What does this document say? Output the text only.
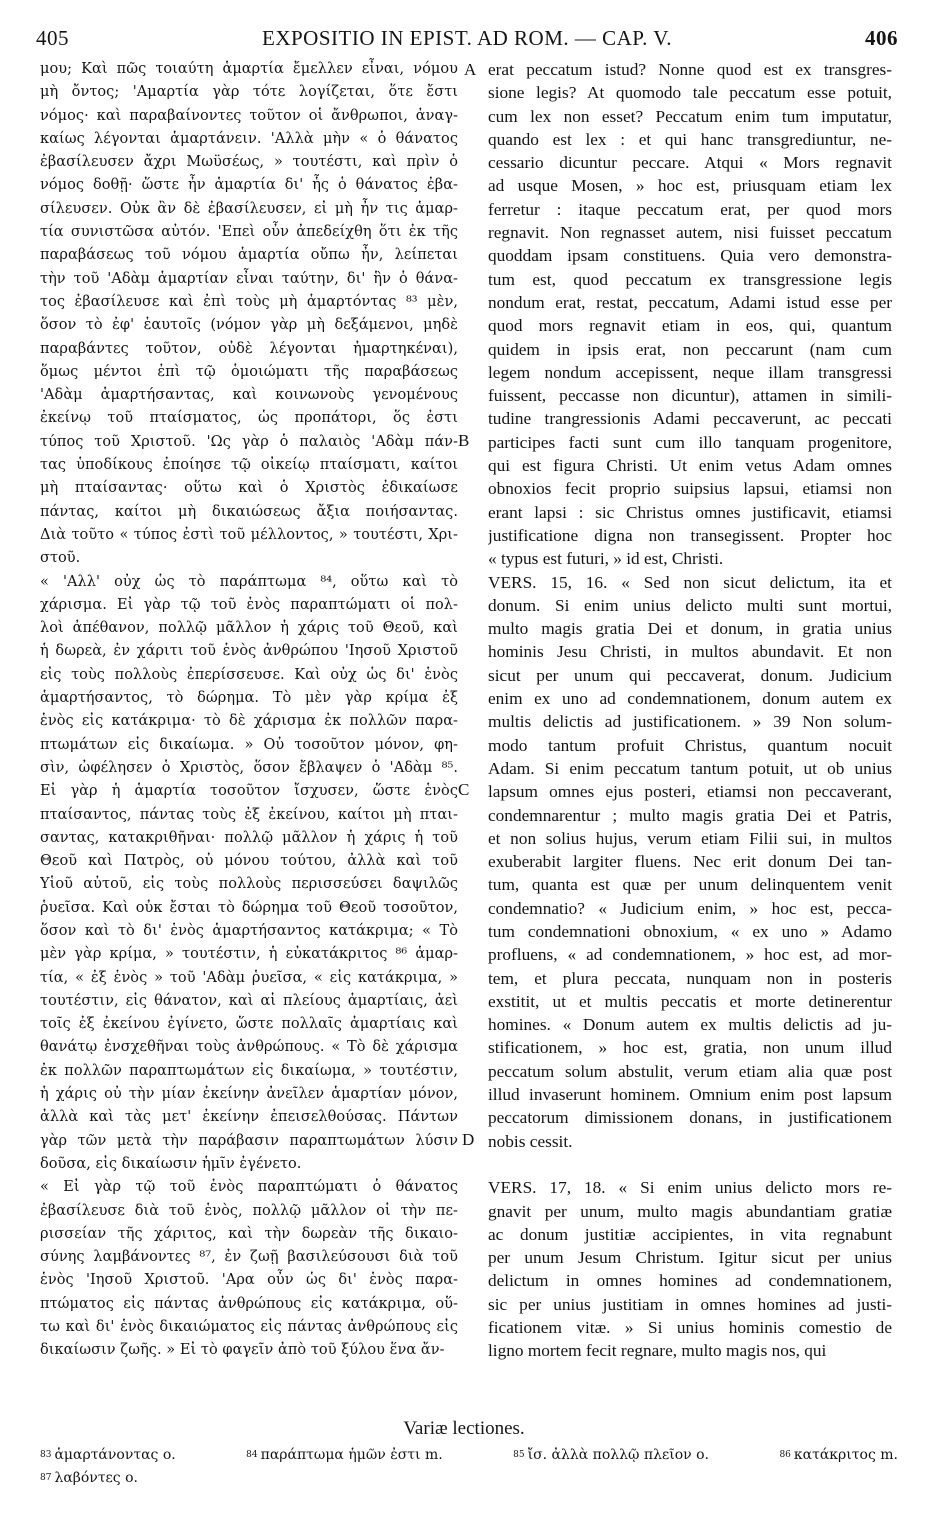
405	EXPOSITIO IN EPIST. AD ROM. — CAP. V.	406
μου; Καὶ πῶς τοιαύτη ἁμαρτία ἔμελλεν εἶναι, νόμου
μὴ ὄντος; 'Αμαρτία γὰρ τότε λογίζεται, ὅτε ἔστι
νόμος· καὶ παραβαίνοντες τοῦτον οἱ ἄνθρωποι, ἀναγ-
καίως λέγονται ἁμαρτάνειν. 'Αλλὰ μὴν « ὁ θάνατος
ἐβασίλευσεν ἄχρι Μωϋσέως, » τουτέστι, καὶ πρὶν ὁ
νόμος δοθῇ· ὥστε ἦν ἁμαρτία δι' ἧς ὁ θάνατος ἐβα-
σίλευσεν. Οὐκ ἂν δὲ ἐβασίλευσεν, εἰ μὴ ἦν τις ἁμαρ-
τία συνιστῶσα αὐτόν. 'Επεὶ οὖν ἀπεδείχθη ὅτι ἐκ τῆς
παραβάσεως τοῦ νόμου ἁμαρτία οὔπω ἦν, λείπεται
τὴν τοῦ 'Αδὰμ ἁμαρτίαν εἶναι ταύτην, δι' ἣν ὁ θάνα-
τος ἐβασίλευσε καὶ ἐπὶ τοὺς μὴ ἁμαρτόντας ⁸³ μὲν,
ὅσον τὸ ἐφ' ἑαυτοῖς (νόμον γὰρ μὴ δεξάμενοι, μηδὲ
παραβάντες τοῦτον, οὐδὲ λέγονται ἡμαρτηκέναι),
ὅμως μέντοι ἐπὶ τῷ ὁμοιώματι τῆς παραβάσεως
'Αδὰμ ἁμαρτήσαντας, καὶ κοινωνοὺς γενομένους
ἐκείνῳ τοῦ πταίσματος, ὡς προπάτορι, ὅς ἐστι
τύπος τοῦ Χριστοῦ. 'Ως γὰρ ὁ παλαιὸς 'Αδὰμ πάν-
τας ὑποδίκους ἐποίησε τῷ οἰκείῳ πταίσματι, καίτοι
μὴ πταίσαντας· οὕτω καὶ ὁ Χριστὸς ἐδικαίωσε
πάντας, καίτοι μὴ δικαιώσεως ἄξια ποιήσαντας.
Διὰ τοῦτο « τύπος ἐστὶ τοῦ μέλλοντος, » τουτέστι, Χρι-
στοῦ.
« 'Αλλ' οὐχ ὡς τὸ παράπτωμα ⁸⁴, οὕτω καὶ τὸ
χάρισμα. Εἰ γὰρ τῷ τοῦ ἑνὸς παραπτώματι οἱ πολ-
λοὶ ἀπέθανον, πολλῷ μᾶλλον ἡ χάρις τοῦ Θεοῦ, καὶ
ἡ δωρεὰ, ἐν χάριτι τοῦ ἑνὸς ἀνθρώπου 'Ιησοῦ Χριστοῦ
εἰς τοὺς πολλοὺς ἐπερίσσευσε. Καὶ οὐχ ὡς δι' ἑνὸς
ἁμαρτήσαντος, τὸ δώρημα. Τὸ μὲν γὰρ κρίμα ἐξ
ἑνὸς εἰς κατάκριμα· τὸ δὲ χάρισμα ἐκ πολλῶν παρα-
πτωμάτων εἰς δικαίωμα. » Οὐ τοσοῦτον μόνον, φη-
σὶν, ὠφέλησεν ὁ Χριστὸς, ὅσον ἔβλαψεν ὁ 'Αδὰμ ⁸⁵.
Εἰ γὰρ ἡ ἁμαρτία τοσοῦτον ἴσχυσεν, ὥστε ἑνὸς
πταίσαντος, πάντας τοὺς ἐξ ἐκείνου, καίτοι μὴ πται-
σαντας, κατακριθῆναι· πολλῷ μᾶλλον ἡ χάρις ἡ τοῦ
Θεοῦ καὶ Πατρὸς, οὐ μόνου τούτου, ἀλλὰ καὶ τοῦ
Υἱοῦ αὐτοῦ, εἰς τοὺς πολλοὺς περισσεύσει δαψιλῶς
ῥυεῖσα. Καὶ οὐκ ἔσται τὸ δώρημα τοῦ Θεοῦ τοσοῦτον,
ὅσον καὶ τὸ δι' ἑνὸς ἁμαρτήσαντος κατάκριμα; « Τὸ
μὲν γὰρ κρίμα, » τουτέστιν, ἡ εὐκατάκριτος ⁸⁶ ἁμαρ-
τία, « ἐξ ἑνὸς » τοῦ 'Αδὰμ ῥυεῖσα, « εἰς κατάκριμα, »
τουτέστιν, εἰς θάνατον, καὶ αἱ πλείους ἁμαρτίαις, ἀεὶ
τοῖς ἐξ ἐκείνου ἐγίνετο, ὥστε πολλαῖς ἁμαρτίαις καὶ
θανάτῳ ἐνσχεθῆναι τοὺς ἀνθρώπους. « Τὸ δὲ χάρισμα
ἐκ πολλῶν παραπτωμάτων εἰς δικαίωμα, » τουτέστιν,
ἡ χάρις οὐ τὴν μίαν ἐκείνην ἀνεῖλεν ἁμαρτίαν μόνον,
ἀλλὰ καὶ τὰς μετ' ἐκείνην ἐπεισελθούσας. Πάντων
γὰρ τῶν μετὰ τὴν παράβασιν παραπτωμάτων λύσιν
δοῦσα, εἰς δικαίωσιν ἡμῖν ἐγένετο.
« Εἰ γὰρ τῷ τοῦ ἑνὸς παραπτώματι ὁ θάνατος
ἐβασίλευσε διὰ τοῦ ἑνὸς, πολλῷ μᾶλλον οἱ τὴν πε-
ρισσείαν τῆς χάριτος, καὶ τὴν δωρεὰν τῆς δικαιο-
σύνης λαμβάνοντες ⁸⁷, ἐν ζωῇ βασιλεύσουσι διὰ τοῦ
ἑνὸς 'Ιησοῦ Χριστοῦ. 'Αρα οὖν ὡς δι' ἑνὸς παρα-
πτώματος εἰς πάντας ἀνθρώπους εἰς κατάκριμα, οὕ-
τω καὶ δι' ἑνὸς δικαιώματος εἰς πάντας ἀνθρώπους εἰς
δικαίωσιν ζωῆς. » Εἰ τὸ φαγεῖν ἀπὸ τοῦ ξύλου ἕνα ἄν-
erat peccatum istud? Nonne quod est ex transgres-
sione legis? At quomodo tale peccatum esse potuit,
cum lex non esset? Peccatum enim tum imputatur,
quando est lex : et qui hanc transgrediuntur, ne-
cessario dicuntur peccare. Atqui « Mors regnavit
ad usque Mosen, » hoc est, priusquam etiam lex
ferretur : itaque peccatum erat, per quod mors
regnavit. Non regnasset autem, nisi fuisset peccatum
quoddam ipsam constituens. Quia vero demonstra-
tum est, quod peccatum ex transgressione legis
nondum erat, restat, peccatum, Adami istud esse per
quod mors regnavit etiam in eos, qui, quantum
quidem in ipsis erat, non peccarunt (nam cum
legem nondum accepissent, neque illam transgressi
fuissent, peccasse non dicuntur), attamen in simili-
tudine trangressionis Adami peccaverunt, ac peccati
participes facti sunt cum illo tanquam progenitore,
qui est figura Christi. Ut enim vetus Adam omnes
obnoxios fecit proprio suipsius lapsui, etiamsi non
erant lapsi : sic Christus omnes justificavit, etiamsi
justificatione digna non transegissent. Propter hoc
« typus est futuri, » id est, Christi.
VERS. 15, 16. « Sed non sicut delictum, ita et
donum. Si enim unius delicto multi sunt mortui,
multo magis gratia Dei et donum, in gratia unius
hominis Jesu Christi, in multos abundavit. Et non
sicut per unum qui peccaverat, donum. Judicium
enim ex uno ad condemnationem, donum autem ex
multis delictis ad justificationem. » 39 Non solum-
modo tantum profuit Christus, quantum nocuit
Adam. Si enim peccatum tantum potuit, ut ob unius
lapsum omnes ejus posteri, etiamsi non peccaverant,
condemnarentur ; multo magis gratia Dei et Patris,
et non solius hujus, verum etiam Filii sui, in multos
exuberabit largiter fluens. Nec erit donum Dei tan-
tum, quanta est quæ per unum delinquentem venit
condemnatio? « Judicium enim, » hoc est, pecca-
tum condemnationi obnoxium, « ex uno » Adamo
profluens, « ad condemnationem, » hoc est, ad mor-
tem, et plura peccata, nunquam non in posteris
exstitit, ut et multis peccatis et morte detinerentur
homines. « Donum autem ex multis delictis ad ju-
stificationem, » hoc est, gratia, non unum illud
peccatum solum abstulit, verum etiam alia quæ post
illud invaserunt hominem. Omnium enim post lapsum
peccatorum dimissionem donans, in justificationem
nobis cessit.
VERS. 17, 18. « Si enim unius delicto mors re-
gnavit per unum, multo magis abundantiam gratiæ
ac donum justitiæ accipientes, in vita regnabunt
per unum Jesum Christum. Igitur sicut per unius
delictum in omnes homines ad condemnationem,
sic per unius justitiam in omnes homines ad justi-
ficationem vitæ. » Si unius hominis comestio de
ligno mortem fecit regnare, multo magis nos, qui
A
B
C
D
Variæ lectiones.
$^{83}$ ἁμαρτάνοντας ο.	$^{84}$ παράπτωμα ἡμῶν ἐστι m.	$^{85}$ ἴσ. ἀλλὰ πολλῷ πλεῖον ο.	$^{86}$ κατάκριτος m.
$^{87}$ λαβόντες ο.
